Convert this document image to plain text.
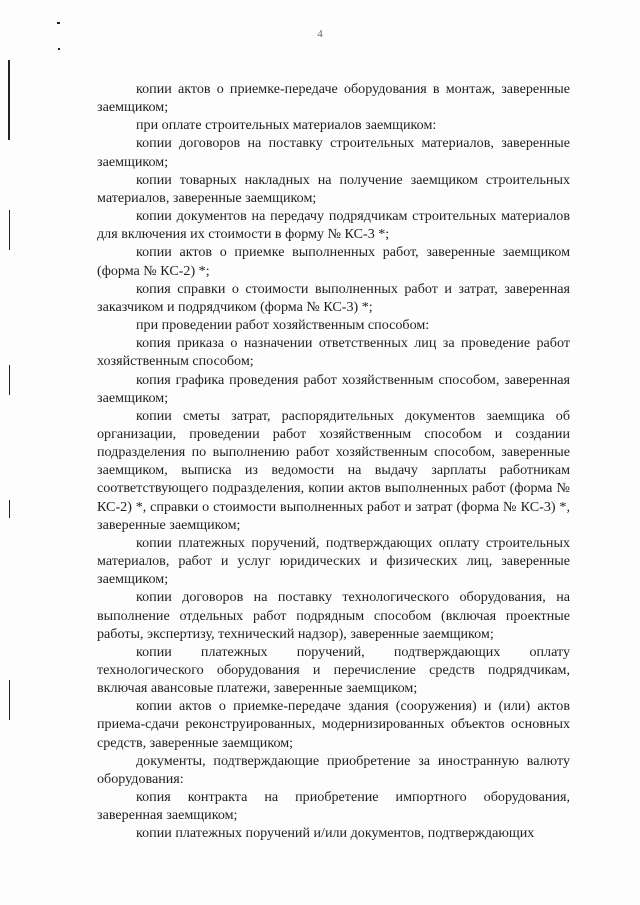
4

копии актов о приемке-передаче оборудования в монтаж, заверенные заемщиком;

при оплате строительных материалов заемщиком:

копии договоров на поставку строительных материалов, заверенные заемщиком;

копии товарных накладных на получение заемщиком строительных материалов, заверенные заемщиком;

копии документов на передачу подрядчикам строительных материалов для включения их стоимости в форму № КС-3 *;

копии актов о приемке выполненных работ, заверенные заемщиком (форма № КС-2) *;

копия справки о стоимости выполненных работ и затрат, заверенная заказчиком и подрядчиком (форма № КС-3) *;

при проведении работ хозяйственным способом:

копия приказа о назначении ответственных лиц за проведение работ хозяйственным способом;

копия графика проведения работ хозяйственным способом, заверенная заемщиком;

копии сметы затрат, распорядительных документов заемщика об организации, проведении работ хозяйственным способом и создании подразделения по выполнению работ хозяйственным способом, заверенные заемщиком, выписка из ведомости на выдачу зарплаты работникам соответствующего подразделения, копии актов выполненных работ (форма № КС-2) *, справки о стоимости выполненных работ и затрат (форма № КС-3) *, заверенные заемщиком;

копии платежных поручений, подтверждающих оплату строительных материалов, работ и услуг юридических и физических лиц, заверенные заемщиком;

копии договоров на поставку технологического оборудования, на выполнение отдельных работ подрядным способом (включая проектные работы, экспертизу, технический надзор), заверенные заемщиком;

копии платежных поручений, подтверждающих оплату технологического оборудования и перечисление средств подрядчикам, включая авансовые платежи, заверенные заемщиком;

копии актов о приемке-передаче здания (сооружения) и (или) актов приема-сдачи реконструированных, модернизированных объектов основных средств, заверенные заемщиком;

документы, подтверждающие приобретение за иностранную валюту оборудования:

копия контракта на приобретение импортного оборудования, заверенная заемщиком;

копии платежных поручений и/или документов, подтверждающих
